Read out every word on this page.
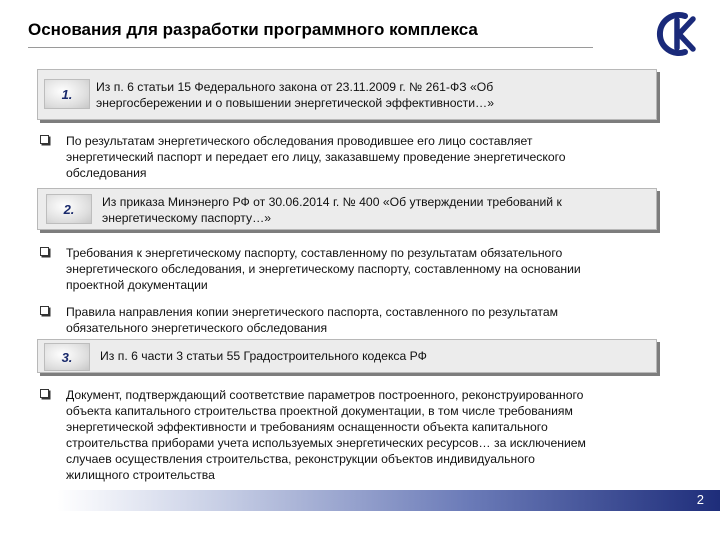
Основания для разработки программного комплекса
1.	Из п. 6 статьи 15 Федерального закона от 23.11.2009 г. № 261-ФЗ «Об
энергосбережении и о повышении энергетической эффективности…»
По результатам энергетического обследования проводившее его лицо составляет
энергетический паспорт и передает его лицу, заказавшему проведение энергетического
обследования
2.	Из приказа Минэнерго РФ от 30.06.2014 г. № 400 «Об утверждении требований к
энергетическому паспорту…»
Требования к энергетическому паспорту, составленному по результатам обязательного
энергетического обследования, и энергетическому паспорту, составленному на основании
проектной документации
Правила направления копии энергетического паспорта, составленного по результатам
обязательного энергетического обследования
3.	Из п. 6 части 3 статьи 55 Градостроительного кодекса РФ
Документ, подтверждающий соответствие параметров построенного, реконструированного
объекта капитального строительства проектной документации, в том числе требованиям
энергетической эффективности и требованиям оснащенности объекта капитального
строительства приборами учета используемых энергетических ресурсов… за исключением
случаев осуществления строительства, реконструкции объектов индивидуального
жилищного строительства
2
